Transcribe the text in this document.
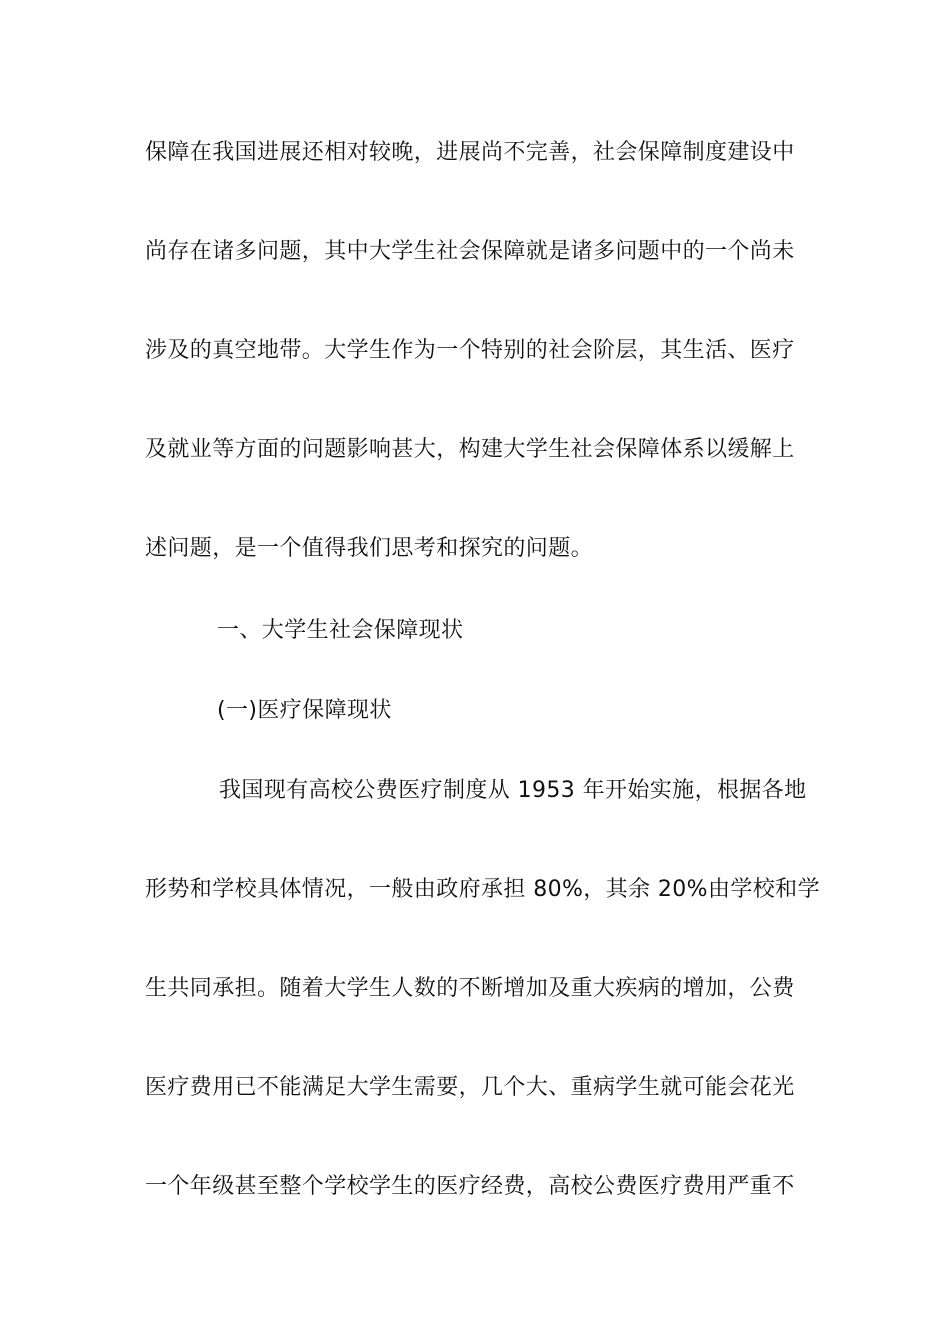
保障在我国进展还相对较晚，进展尚不完善，社会保障制度建设中
尚存在诸多问题，其中大学生社会保障就是诸多问题中的一个尚未
涉及的真空地带。大学生作为一个特别的社会阶层，其生活、医疗
及就业等方面的问题影响甚大，构建大学生社会保障体系以缓解上
述问题，是一个值得我们思考和探究的问题。
一、大学生社会保障现状
(一)医疗保障现状
我国现有高校公费医疗制度从 1953 年开始实施，根据各地
形势和学校具体情况，一般由政府承担 80%，其余 20%由学校和学
生共同承担。随着大学生人数的不断增加及重大疾病的增加，公费
医疗费用已不能满足大学生需要，几个大、重病学生就可能会花光
一个年级甚至整个学校学生的医疗经费，高校公费医疗费用严重不
